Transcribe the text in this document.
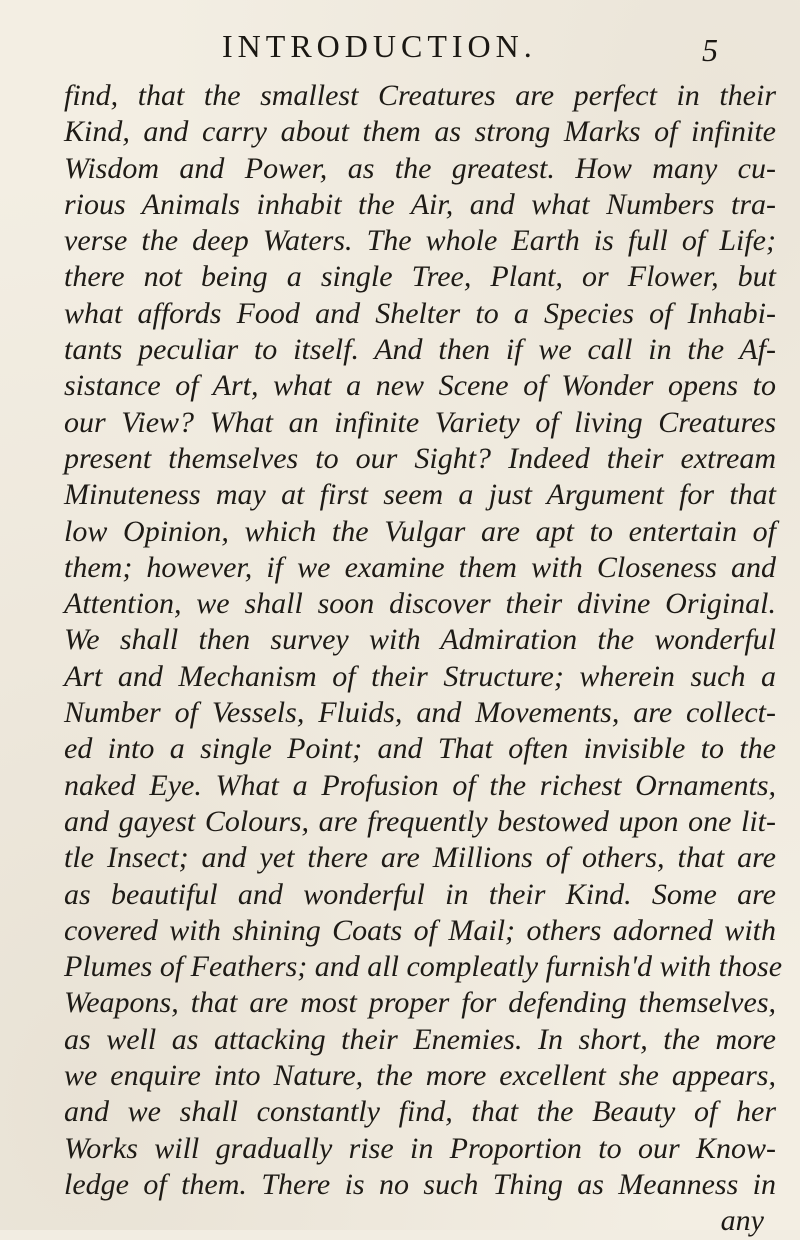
INTRODUCTION.	5
find, that the smallest Creatures are perfect in their
Kind, and carry about them as strong Marks of infinite
Wisdom and Power, as the greatest. How many cu-
rious Animals inhabit the Air, and what Numbers tra-
verse the deep Waters. The whole Earth is full of Life;
there not being a single Tree, Plant, or Flower, but
what affords Food and Shelter to a Species of Inhabi-
tants peculiar to itself. And then if we call in the Af-
sistance of Art, what a new Scene of Wonder opens to
our View? What an infinite Variety of living Creatures
present themselves to our Sight? Indeed their extream
Minuteness may at first seem a just Argument for that
low Opinion, which the Vulgar are apt to entertain of
them; however, if we examine them with Closeness and
Attention, we shall soon discover their divine Original.
We shall then survey with Admiration the wonderful
Art and Mechanism of their Structure; wherein such a
Number of Vessels, Fluids, and Movements, are collect-
ed into a single Point; and That often invisible to the
naked Eye. What a Profusion of the richest Ornaments,
and gayest Colours, are frequently bestowed upon one lit-
tle Insect; and yet there are Millions of others, that are
as beautiful and wonderful in their Kind. Some are
covered with shining Coats of Mail; others adorned with
Plumes of Feathers; and all compleatly furnish'd with those
Weapons, that are most proper for defending themselves,
as well as attacking their Enemies. In short, the more
we enquire into Nature, the more excellent she appears,
and we shall constantly find, that the Beauty of her
Works will gradually rise in Proportion to our Know-
ledge of them. There is no such Thing as Meanness in
any
